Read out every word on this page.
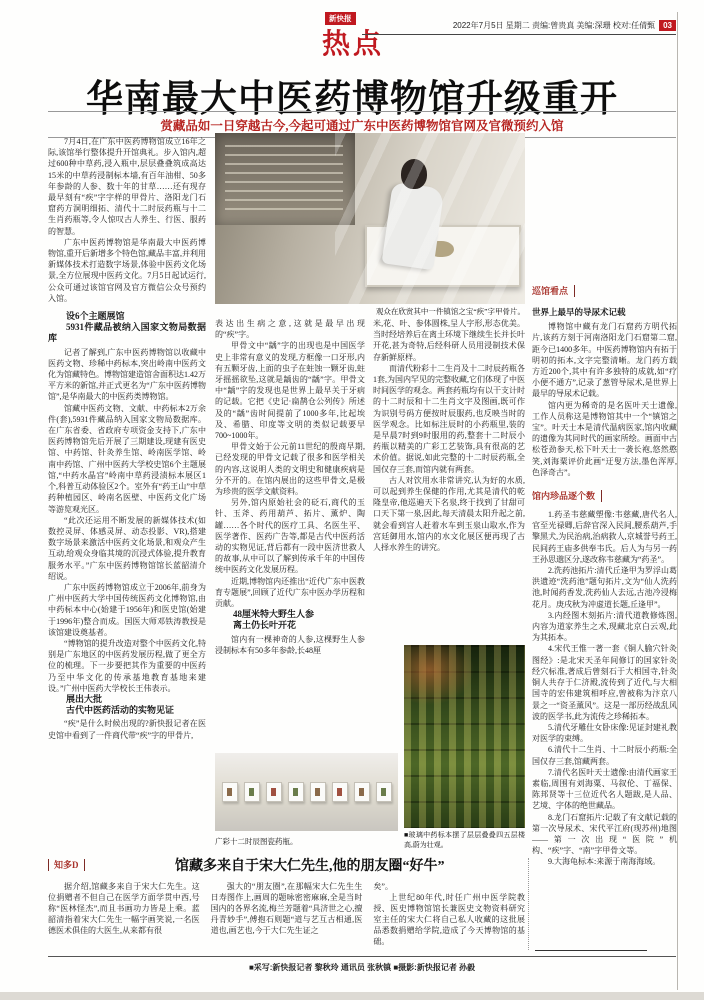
新快报
热点
2022年7月5日 星期二 责编:曾贵真 美编:深珊 校对:任倩甄	03
华南最大中医药博物馆升级重开
赏藏品如一日穿越古今,今起可通过广东中医药博物馆官网及官微预约入馆

7月4日,在广东中医药博物馆成立16年之际,该馆举行整体提升开馆典礼。步入馆内,超过600种中草药,浸入瓶中,层层叠叠筑成高达15米的中草药浸制标本墙,有百年油柑、50多年参龄的人参、数十年的甘草……还有现存最早刻有“疾”字字样的甲骨片、洛阳龙门石窟药方洞明细拓、清代十二时辰药瓶与十二生肖药瓶等,令人惊叹古人养生、行医、服药的智慧。

广东中医药博物馆是华南最大中医药博物馆,重开后新增多个特色馆,藏品丰富,并利用新媒体技术打造数字场景,体验中医药文化场景,全方位展现中医药文化。7月5日起试运行,公众可通过该馆官网及官方微信公众号预约入馆。

设6个主题展馆

5931件藏品被纳入国家文物局数据库

记者了解到,广东中医药博物馆以收藏中医药文物、珍稀中药标本,突出岭南中医药文化为馆藏特色。博物馆建造馆舍面积达1.42万平方米的新馆,并正式更名为“广东中医药博物馆”,是华南最大的中医药类博物馆。

馆藏中医药文物、文献、中药标本2万余件(套),5931件藏品纳入国家文物局数据库。在广东省委、省政府专项资金支持下,广东中医药博物馆先后开展了三期建设,现建有医史馆、中药馆、针灸养生馆、岭南医学馆、岭南中药馆、广州中医药大学校史馆6个主题展馆,“中药水晶宫”岭南中草药浸渍标本展区1个,科普互动体验区2个。室外有“药王山”中草药种植园区、岭南名医壁、中医药文化广场等游览观光区。

“此次还运用不断发展的新媒体技术(如数控灵屏、体感灵屏、动态投影、VR),搭建数字场景来激活中医药文化场景,和观众产生互动,给观众身临其境的沉浸式体验,提升教育服务水平。”广东中医药博物馆馆长蓝韶清介绍说。

广东中医药博物馆成立于2006年,前身为广州中医药大学中国传统医药文化博物馆,由中药标本中心(始建于1956年)和医史馆(始建于1996年)整合而成。国医大师邓铁涛教授是该馆建设奠基者。

“博物馆的提升改造对整个中医药文化,特别是广东地区的中医药发展历程,做了更全方位的梳理。下一步要把其作为重要的中医药乃至中华文化的传承基地教育基地来建设。”广州中医药大学校长王伟表示。

展出大批

古代中医药活动的实物见证

“疾”是什么时候出现的?新快报记者在医史馆中看到了一件商代带“疾”字的甲骨片,

观众在欣赏其中一件镇馆之宝“疾”字甲骨片。

表达出生病之意,这就是最早出现的“疾”字。

甲骨文中“龋”字的出现也是中国医学史上非常有意义的发现,方框像一口牙形,内有五颗牙齿,上面的虫子在蛀蚀一颗牙齿,蛀牙摇摇欲坠,这就是龋齿的“龋”字。甲骨文中“龋”字的发现也是世界上最早关于牙病的记载。它把《史记·扁鹊仓公列传》所述及的“龋”齿时间提前了1000多年,比起埃及、希腊、印度等文明的类似记载要早700~1000年。

甲骨文始于公元前11世纪的殷商早期,已经发现的甲骨文记载了很多和医学相关的内容,这说明人类的文明史和健康疾病是分不开的。在馆内展出的这些甲骨文,是极为珍贵的医学文献资料。

另外,馆内原始社会的砭石,商代的玉针、玉斧、药用葫芦、拓片、薰炉、陶罐……各个时代的医疗工具、名医生平、医学著作、医药广告等,都是古代中医药活动的实物见证,背后都有一段中医济世救人的故事,从中可以了解到传承千年的中国传统中医药文化发展历程。

近期,博物馆内还推出“近代广东中医教育专题展”,回顾了近代广东中医办学历程和贡献。

48厘米特大野生人参

离土仍长叶开花

馆内有一棵神奇的人参,这棵野生人参浸制标本有50多年参龄,长48厘

米,花、叶、参体圆株,呈人字形,形态优美。当时经培养后在离土环境下继续生长并长叶开花,甚为奇特,后经科研人员用浸制技术保存新鲜原样。

而清代粉彩十二生肖及十二时辰药瓶各1套,为国内罕见的完整收藏,它们体现了中医时间医学的观念。两套药瓶均有以干支计时的十二时辰和十二生肖文字及图画,既可作为识别号码方便按时辰服药,也反映当时的医学观念。比如标注辰时的小药瓶里,装的是早晨7时到9时服用的药,整套十二时辰小药瓶以精美的广彩工艺装饰,具有很高的艺术价值。据说,如此完整的十二时辰药瓶,全国仅存三套,而馆内就有两套。

古人对饮用水非常讲究,认为好的水质,可以起到养生保健的作用,尤其是清代的乾隆皇帝,他巡遍天下名泉,终于找到了甘甜可口天下第一泉,因此,每天清晨太阳升起之前,就会看到宫人赶着水车到玉泉山取水,作为宫廷御用水,馆内的水文化展区便再现了古人择水养生的讲究。

广彩十二时辰图瓷药瓶。
■玻璃中药标本摆了层层叠叠四五层楼高,蔚为壮观。
巡馆看点
世界上最早的导尿术记载

博物馆中藏有龙门石窟药方明代拓片,该药方刻于河南洛阳龙门石窟第二窟,距今已1400多年。中医药博物馆内有拓于明初的拓本,文字完整清晰。龙门药方载方近200个,其中有许多独特的成就,如“疗小便不通方”,记录了葱管导尿术,是世界上最早的导尿术记载。

馆内更为稀奇的是名医叶天士遗像,工作人员称这是博物馆其中一个“镇馆之宝”。叶天士本是清代温病医家,馆内收藏的遗像为其同时代的画家所绘。画面中古松苍劲参天,松下叶天士一袭长袍,悠然憨笑,刘海粟评价此画“迂叟方法,墨色浑厚,色泽奇古”。

馆内珍品逐个数

1.药圣韦慈藏塑像:韦慈藏,唐代名人,官至光禄卿,后辞官深入民间,腰系葫芦,手擎黑犬,为民治病,治病救人,京城誉号药王,民间药王庙多供奉韦氏。后人为与另一药王孙思邈区分,遂改称韦慈藏为“药圣”。

2.洗药池拓片:清代丘逢甲为罗浮山葛洪遗迹“洗药池”题句拓片,文为“仙人洗药池,时闻药香发,洗药仙人去远,古池冷浸梅花月。庚戌秋为冲虚道长题,丘逢甲”。

3.内经图木刻拓片:清代道教修炼图,内容为道家养生之术,现藏北京白云观,此为其拓本。

4.宋代王惟一著一套《铜人腧穴针灸图经》:是北宋天圣年间修订的国家针灸经穴标准,著成后曾刻石于大相国寺,针灸铜人共存于仁济殿,流传到了近代,与大相国寺的宏伟建筑相呼应,曾被称为汴京八景之一“资圣薰风”。这是一部历经战乱风波的医学书,此为流传之珍稀拓本。

5.清代牙雕仕女卧床像:见证封建礼教对医学的束缚。

6.清代十二生肖、十二时辰小药瓶:全国仅存三套,馆藏两套。

7.清代名医叶天士遗像:由清代画家王素临,周围有刘海粟、马叙伦、丁福保、陈邦贤等十三位近代名人题跋,是人品、艺境、字体的绝世藏品。

8.龙门石窟拓片:记载了有文献记载的第一次导尿术、宋代平江府(现苏州)地图——第一次出现“医院”机构、“疾”字、“南”字甲骨文等。

9.大海龟标本:来源于南海海域。

知多D	馆藏多来自于宋大仁先生,他的朋友圈“好牛”

据介绍,馆藏多来自于宋大仁先生。这位捐赠者不但自己在医学方面学贯中西,号称“医林怪杰”,而且书画功力皆是上乘。蓝韶清指着宋大仁先生一幅字画笑说,一名医德医术俱佳的大医生,从来都有很

强大的“朋友圈”,在那幅宋大仁先生生日寿图作上,画周的题咏密密麻麻,全是当时国内的各界名流,梅兰芳题着“具济世之心,擅丹青妙手”,傅抱石则题“道与艺互古相通,医道也,画艺也,今于大仁先生证之

矣”。

上世纪80年代,时任广州中医学院教授、医史博物馆馆长兼医史文物资料研究室主任的宋大仁将自己私人收藏的这批展品悉数捐赠给学院,造成了今天博物馆的基础。

■采写:新快报记者 黎秋玲 通讯员 张秋镇 ■摄影:新快报记者 孙毅
